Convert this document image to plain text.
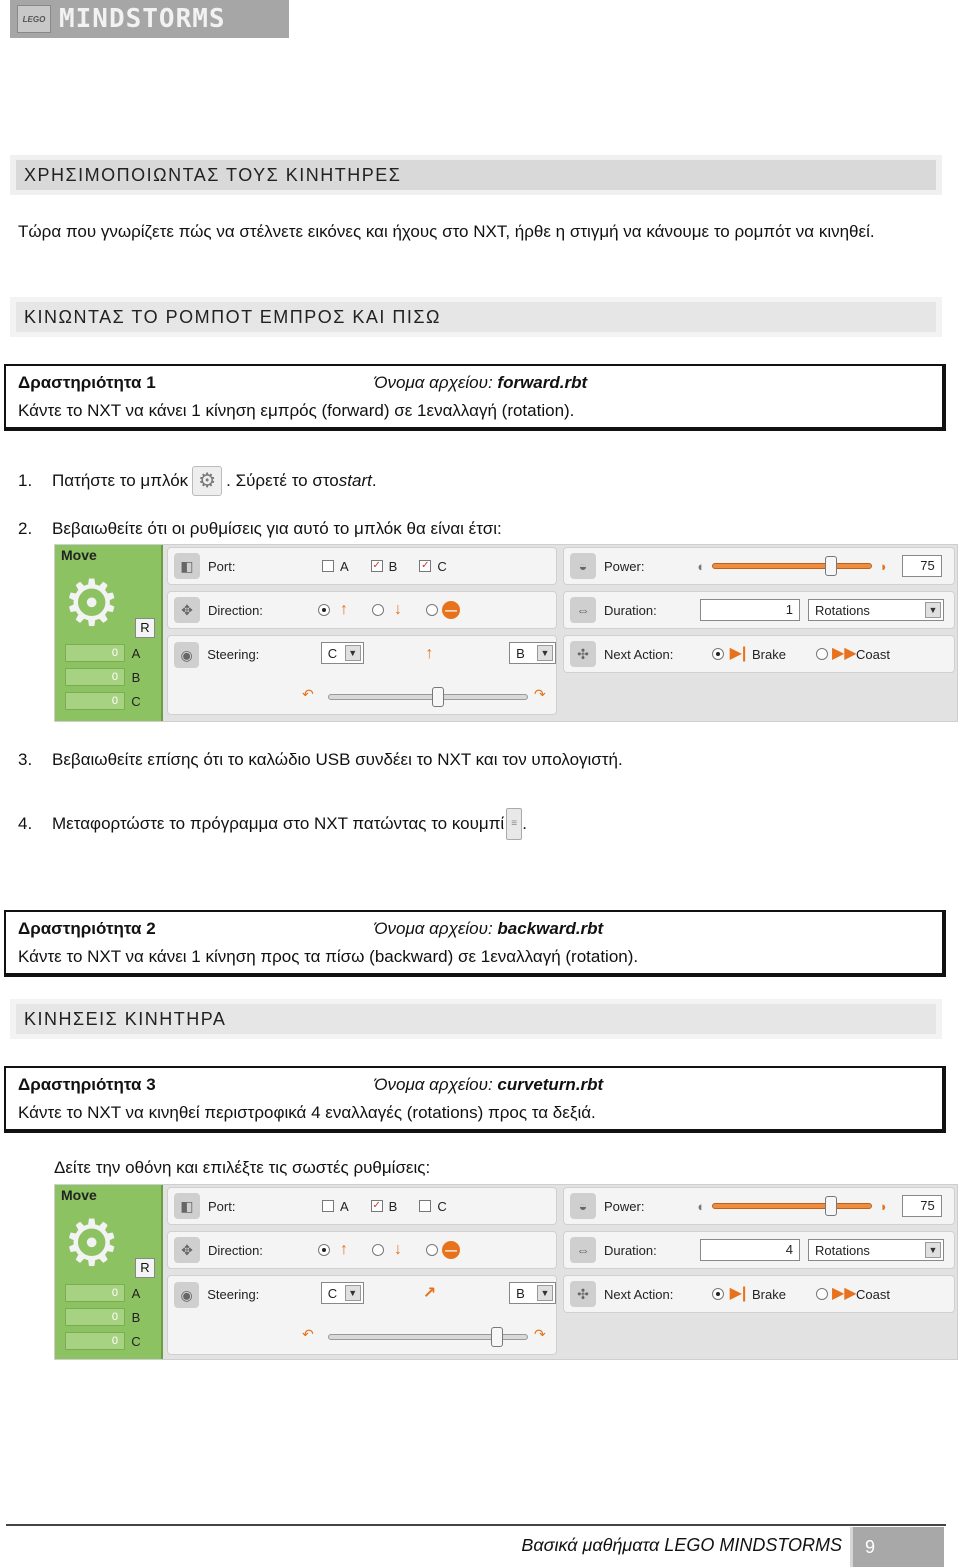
LEGO MINDSTORMS
ΧΡΗΣΙΜΟΠΟΙΩΝΤΑΣ ΤΟΥΣ ΚΙΝΗΤΗΡΕΣ
Τώρα που γνωρίζετε πώς να στέλνετε εικόνες και ήχους στο NXT, ήρθε η στιγμή να κάνουμε το ρομπότ να κινηθεί.
ΚΙΝΩΝΤΑΣ ΤΟ ΡΟΜΠΟΤ ΕΜΠΡΟΣ ΚΑΙ ΠΙΣΩ
Δραστηριότητα 1	Όνομα αρχείου: forward.rbt
Κάντε το NXT να κάνει 1 κίνηση εμπρός (forward) σε 1εναλλαγή (rotation).
1.	Πατήστε το μπλόκ ⚙ . Σύρετέ το στο start .
2.	Βεβαιωθείτε ότι οι ρυθμίσεις για αυτό το μπλόκ θα είναι έτσι:
Move
⚙	R
0	A
0	B
0	C
◧	Port:	A ✓ B ✓ C
✥	Direction:	↑	↓	—
◉	Steering:	C	▼	↑	B	▼
↶	↷
◒	Power:	◖	◗	75
⇔	Duration:	1	Rotations	▼
✣	Next Action:	▶| Brake	▶▶ Coast
3.	Βεβαιωθείτε επίσης ότι το καλώδιο USB συνδέει το NXT και τον υπολογιστή.
4.	Μεταφορτώστε το πρόγραμμα στο NXT πατώντας το κουμπί ≡ .
Δραστηριότητα 2	Όνομα αρχείου: backward.rbt
Κάντε το NXT να κάνει 1 κίνηση προς τα πίσω (backward) σε 1εναλλαγή (rotation).
ΚΙΝΗΣΕΙΣ ΚΙΝΗΤΗΡΑ
Δραστηριότητα 3	Όνομα αρχείου: curveturn.rbt
Κάντε το NXT να κινηθεί περιστροφικά 4 εναλλαγές (rotations) προς τα δεξιά.
Δείτε την οθόνη και επιλέξτε τις σωστές ρυθμίσεις:
Move
⚙	R
0	A
0	B
0	C
◧	Port:	A ✓ B	C
✥	Direction:	↑	↓	—
◉	Steering:	C	▼	↗	B	▼
↶	↷
◒	Power:	◖	◗	75
⇔	Duration:	4	Rotations	▼
✣	Next Action:	▶| Brake	▶▶ Coast
Βασικά μαθήματα LEGO MINDSTORMS	9
